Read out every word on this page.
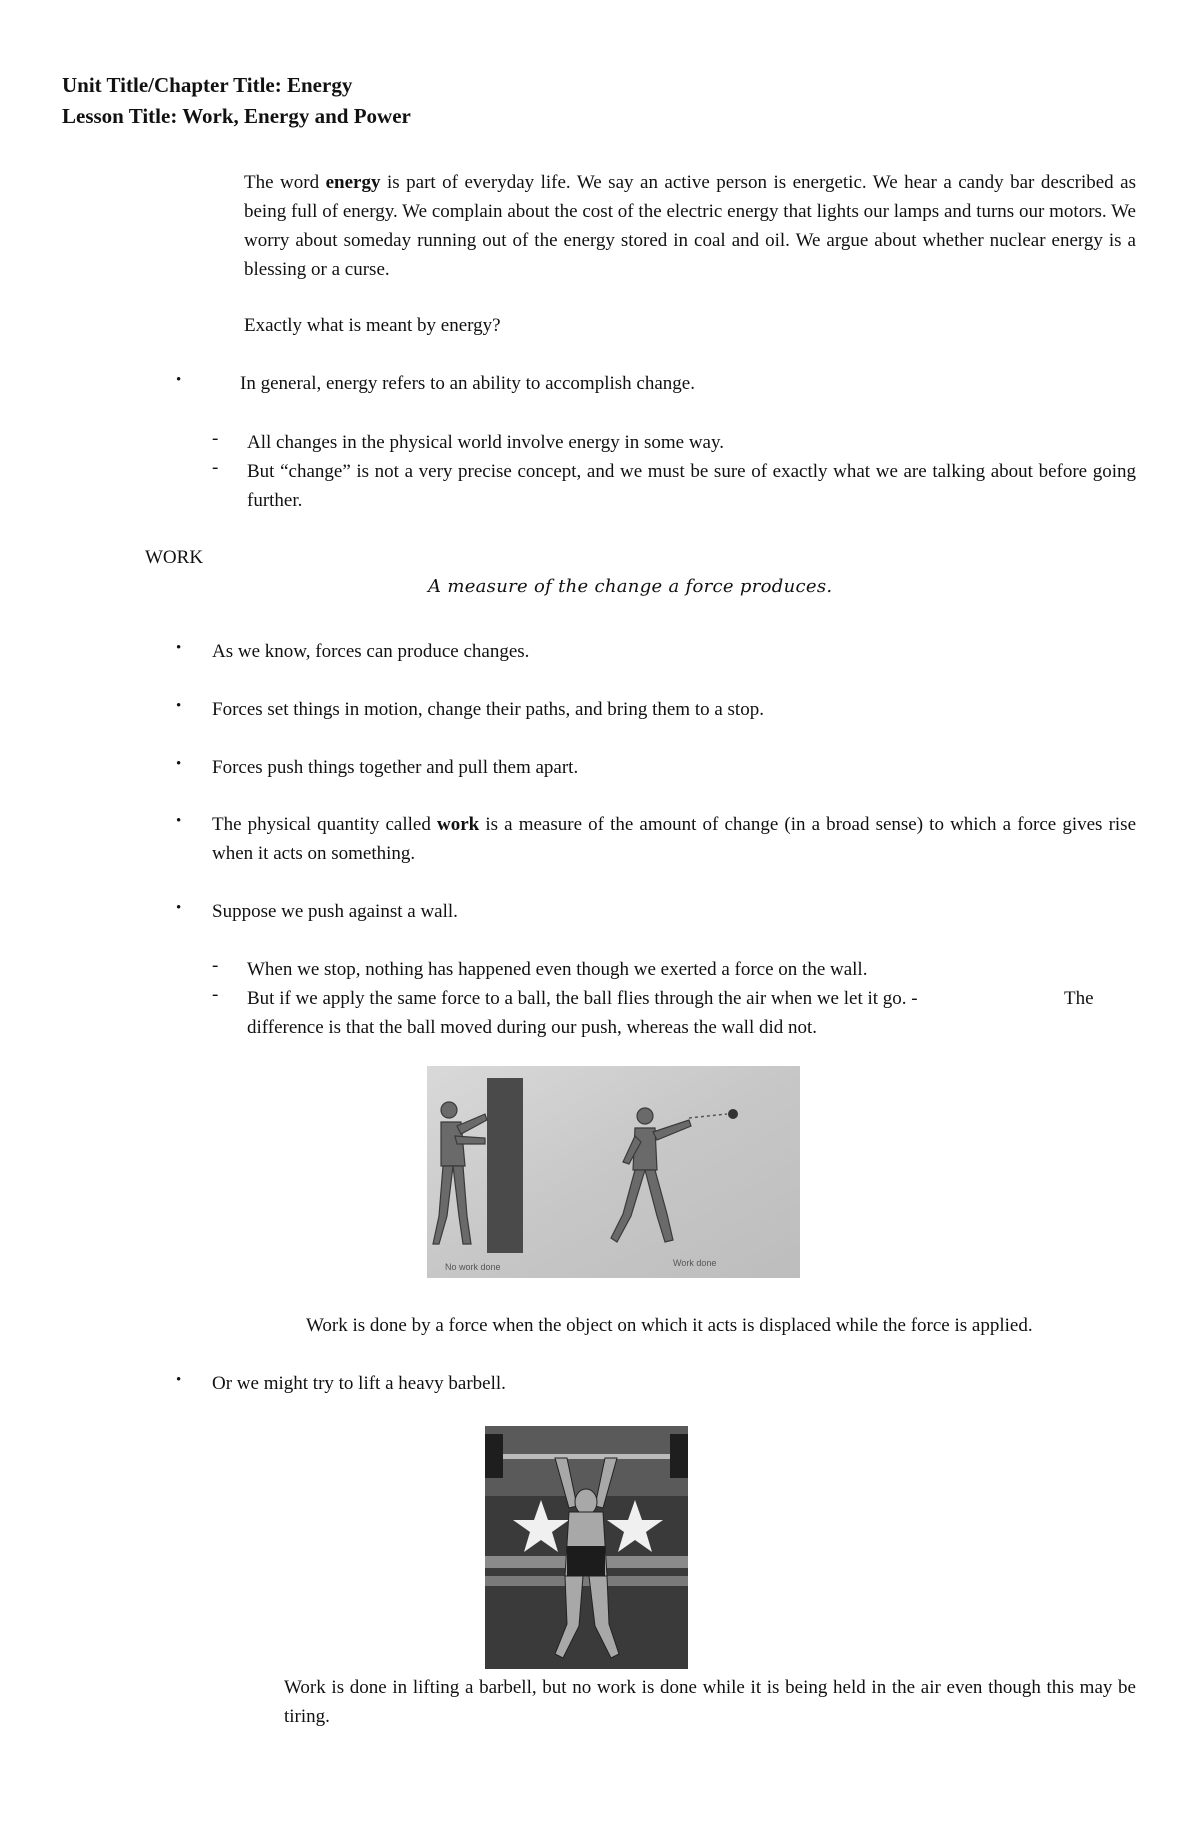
Unit Title/Chapter Title: Energy
Lesson Title: Work, Energy and Power
The word energy is part of everyday life. We say an active person is energetic. We hear a candy bar described as being full of energy. We complain about the cost of the electric energy that lights our lamps and turns our motors. We worry about someday running out of the energy stored in coal and oil. We argue about whether nuclear energy is a blessing or a curse.
Exactly what is meant by energy?
•	In general, energy refers to an ability to accomplish change.
- All changes in the physical world involve energy in some way.
- But “change” is not a very precise concept, and we must be sure of exactly what we are talking about before going further.
WORK
A measure of the change a force produces.
• As we know, forces can produce changes.
• Forces set things in motion, change their paths, and bring them to a stop.
• Forces push things together and pull them apart.
• The physical quantity called work is a measure of the amount of change (in a broad sense) to which a force gives rise when it acts on something.
• Suppose we push against a wall.
- When we stop, nothing has happened even though we exerted a force on the wall.
- But if we apply the same force to a ball, the ball flies through the air when we let it go. -	The
difference is that the ball moved during our push, whereas the wall did not.
No work done	Work done
Work is done by a force when the object on which it acts is displaced while the force is applied.
• Or we might try to lift a heavy barbell.
Work is done in lifting a barbell, but no work is done while it is being held in the air even though this may be tiring.
